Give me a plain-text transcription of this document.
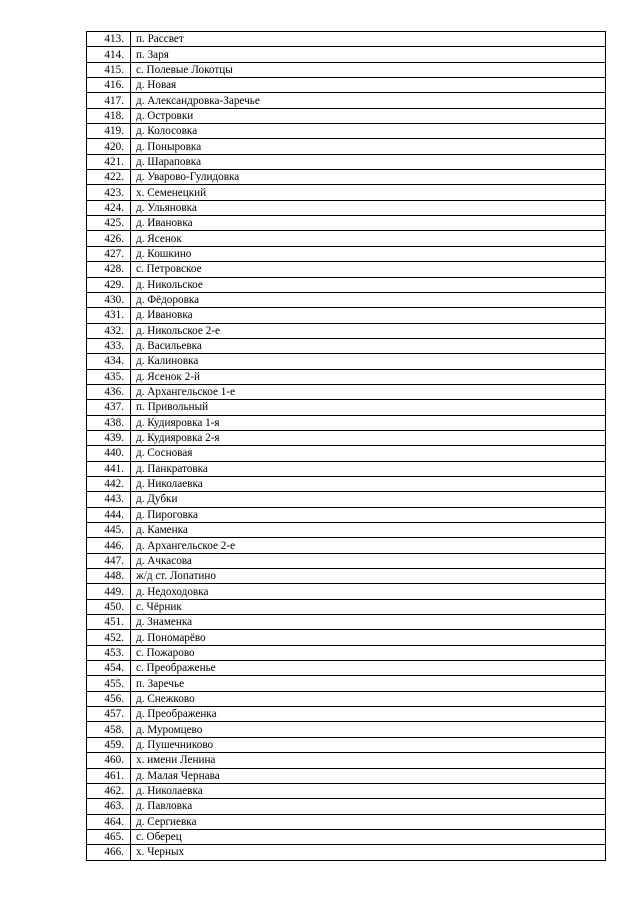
413.	п. Рассвет
414.	п. Заря
415.	с. Полевые Локотцы
416.	д. Новая
417.	д. Александровка-Заречье
418.	д. Островки
419.	д. Колосовка
420.	д. Понырoвка
421.	д. Шараповка
422.	д. Уварово-Гулидовка
423.	х. Семенецкий
424.	д. Ульяновка
425.	д. Ивановка
426.	д. Ясенок
427.	д. Кошкино
428.	с. Петровское
429.	д. Никольское
430.	д. Фёдоровка
431.	д. Ивановка
432.	д. Никольское 2-е
433.	д. Васильевка
434.	д. Калиновка
435.	д. Ясенок 2-й
436.	д. Архангельское 1-е
437.	п. Привольный
438.	д. Кудияровка 1-я
439.	д. Кудияровка 2-я
440.	д. Сосновая
441.	д. Панкратовка
442.	д. Николаевка
443.	д. Дубки
444.	д. Пироговка
445.	д. Каменка
446.	д. Архангельское 2-е
447.	д. Ачкасова
448.	ж/д ст. Лопатино
449.	д. Недоходовка
450.	с. Чёрник
451.	д. Знаменка
452.	д. Пономарёво
453.	с. Пожарово
454.	с. Преображенье
455.	п. Заречье
456.	д. Снежково
457.	д. Преображенка
458.	д. Муромцево
459.	д. Пушечниково
460.	х. имени Ленина
461.	д. Малая Чернава
462.	д. Николаевка
463.	д. Павловка
464.	д. Сергиевка
465.	с. Оберец
466.	х. Черных
